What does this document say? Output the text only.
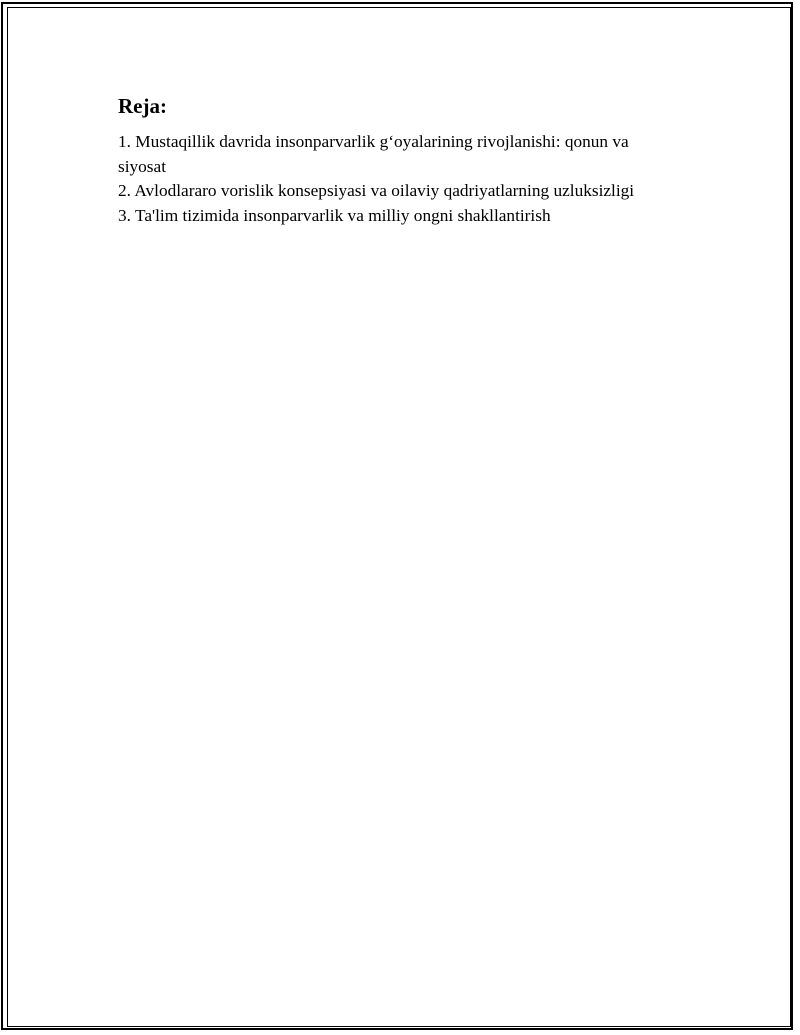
Reja:
1. Mustaqillik davrida insonparvarlik g‘oyalarining rivojlanishi: qonun va siyosat
2. Avlodlararo vorislik konsepsiyasi va oilaviy qadriyatlarning uzluksizligi
3. Ta'lim tizimida insonparvarlik va milliy ongni shakllantirish
